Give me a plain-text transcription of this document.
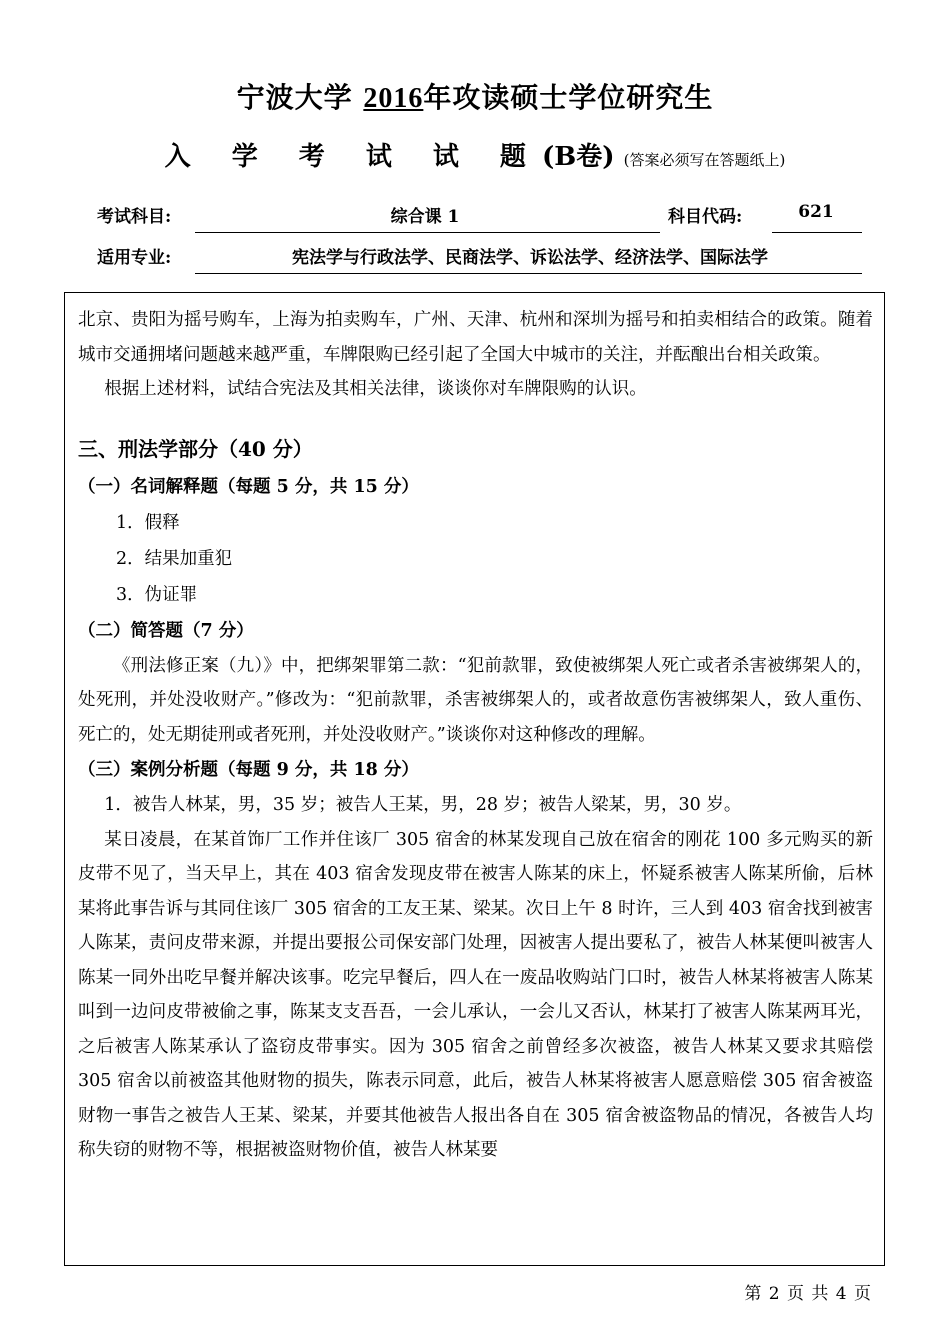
宁波大学 2016年攻读硕士学位研究生
入 学 考 试 试 题(B卷) (答案必须写在答题纸上)
考试科目:	综合课 1	科目代码:	621
适用专业:	宪法学与行政法学、民商法学、诉讼法学、经济法学、国际法学

北京、贵阳为摇号购车，上海为拍卖购车，广州、天津、杭州和深圳为摇号和拍卖相结合的政策。随着城市交通拥堵问题越来越严重，车牌限购已经引起了全国大中城市的关注，并酝酿出台相关政策。

根据上述材料，试结合宪法及其相关法律，谈谈你对车牌限购的认识。

三、刑法学部分（40 分）

（一）名词解释题（每题 5 分，共 15 分）

1．假释

2．结果加重犯

3．伪证罪

（二）简答题（7 分）

《刑法修正案（九）》中，把绑架罪第二款：“犯前款罪，致使被绑架人死亡或者杀害被绑架人的，处死刑，并处没收财产。”修改为：“犯前款罪，杀害被绑架人的，或者故意伤害被绑架人，致人重伤、死亡的，处无期徒刑或者死刑，并处没收财产。”谈谈你对这种修改的理解。

（三）案例分析题（每题 9 分，共 18 分）

1．被告人林某，男，35 岁；被告人王某，男，28 岁；被告人梁某，男，30 岁。

某日凌晨，在某首饰厂工作并住该厂 305 宿舍的林某发现自己放在宿舍的刚花 100 多元购买的新皮带不见了，当天早上，其在 403 宿舍发现皮带在被害人陈某的床上，怀疑系被害人陈某所偷，后林某将此事告诉与其同住该厂 305 宿舍的工友王某、梁某。次日上午 8 时许，三人到 403 宿舍找到被害人陈某，责问皮带来源，并提出要报公司保安部门处理，因被害人提出要私了，被告人林某便叫被害人陈某一同外出吃早餐并解决该事。吃完早餐后，四人在一废品收购站门口时，被告人林某将被害人陈某叫到一边问皮带被偷之事，陈某支支吾吾，一会儿承认，一会儿又否认，林某打了被害人陈某两耳光，之后被害人陈某承认了盗窃皮带事实。因为 305 宿舍之前曾经多次被盗，被告人林某又要求其赔偿 305 宿舍以前被盗其他财物的损失，陈表示同意，此后，被告人林某将被害人愿意赔偿 305 宿舍被盗财物一事告之被告人王某、梁某，并要其他被告人报出各自在 305 宿舍被盗物品的情况，各被告人均称失窃的财物不等，根据被盗财物价值，被告人林某要

第 2 页 共 4 页
